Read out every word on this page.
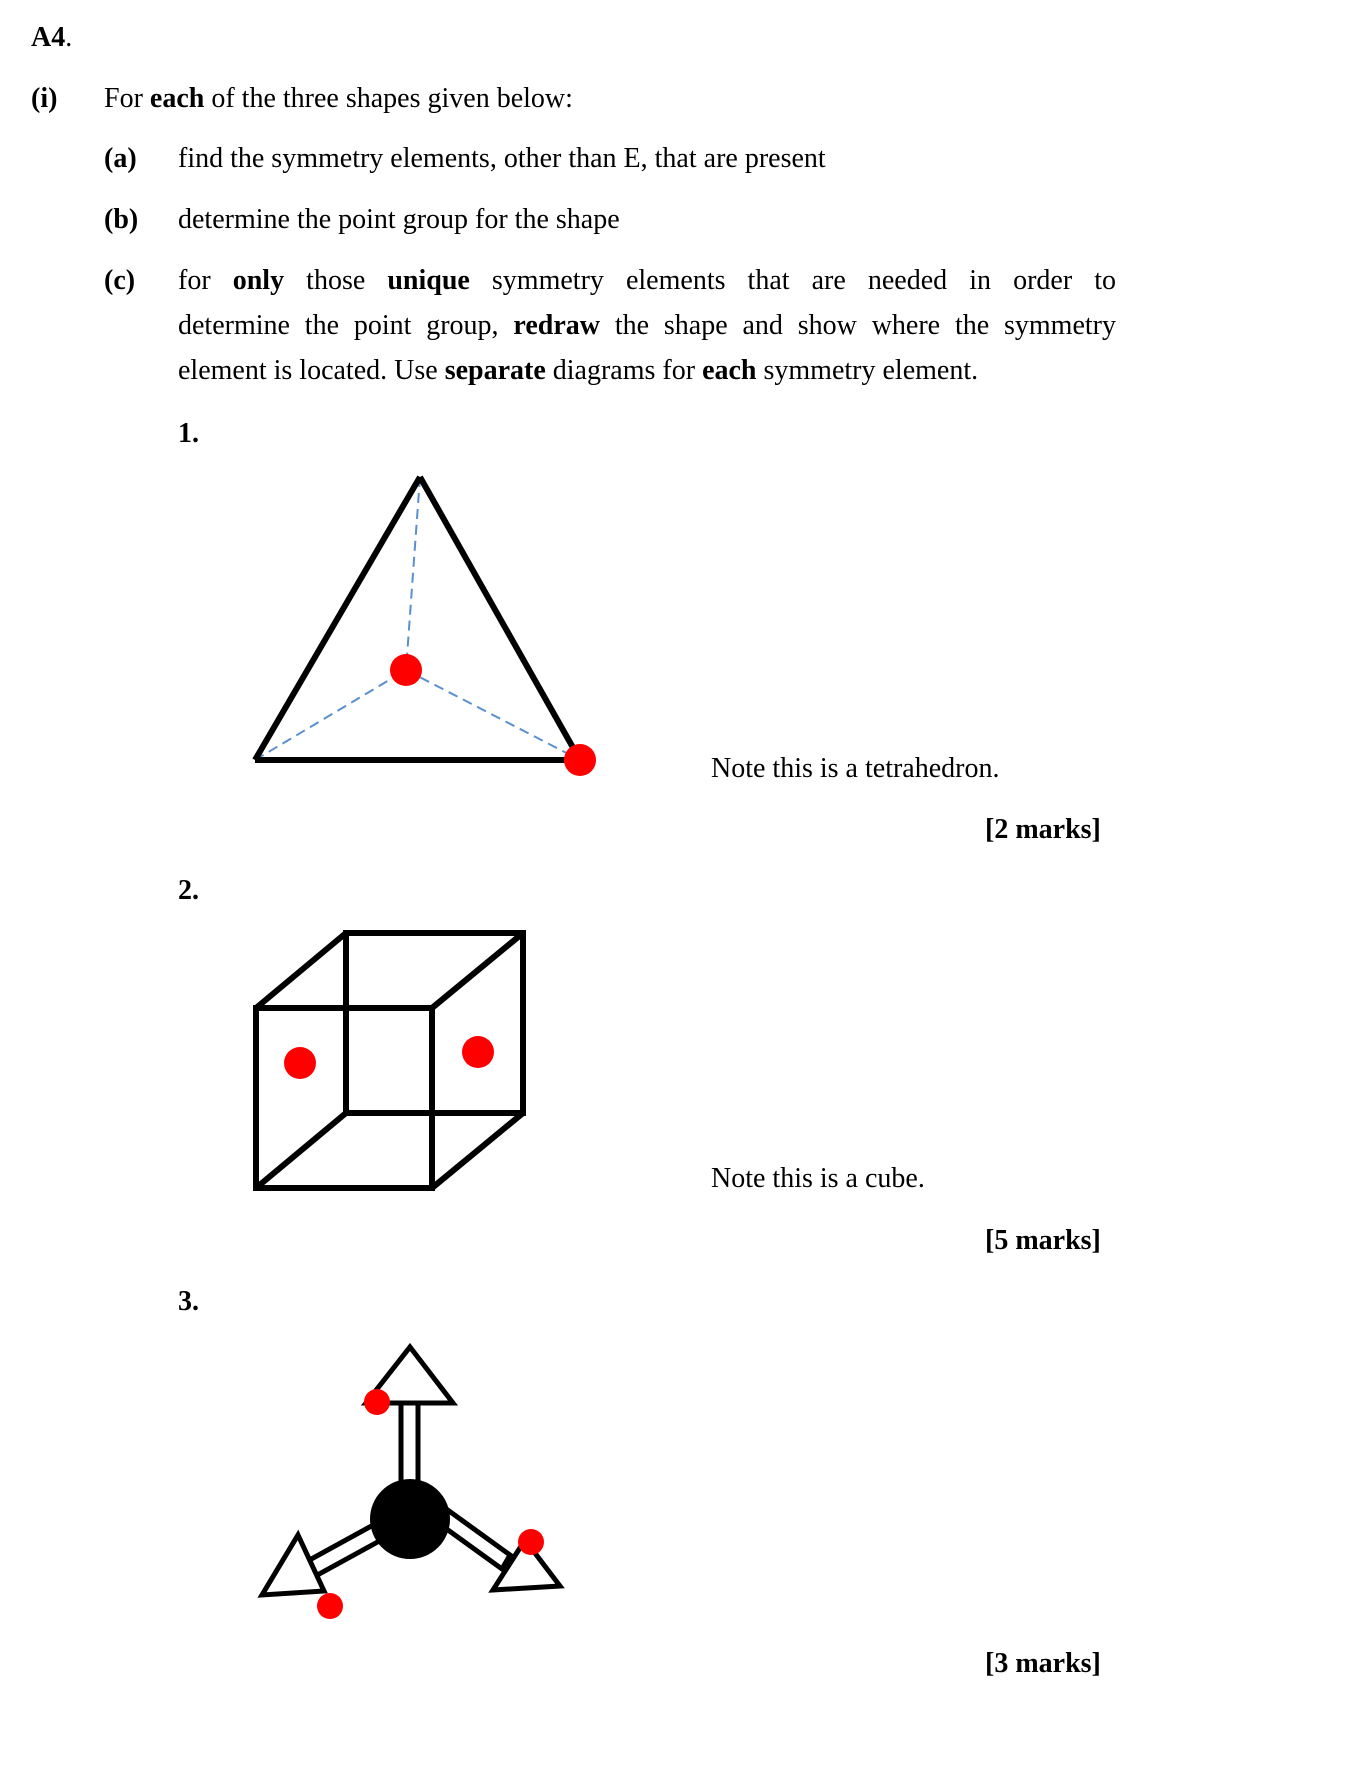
A4.
(i) For each of the three shapes given below:
(a) find the symmetry elements, other than E, that are present
(b) determine the point group for the shape
(c) for only those unique symmetry elements that are needed in order to
determine the point group, redraw the shape and show where the symmetry
element is located. Use separate diagrams for each symmetry element.
1.
Note this is a tetrahedron.
[2 marks]
2.
Note this is a cube.
[5 marks]
3.
[3 marks]
